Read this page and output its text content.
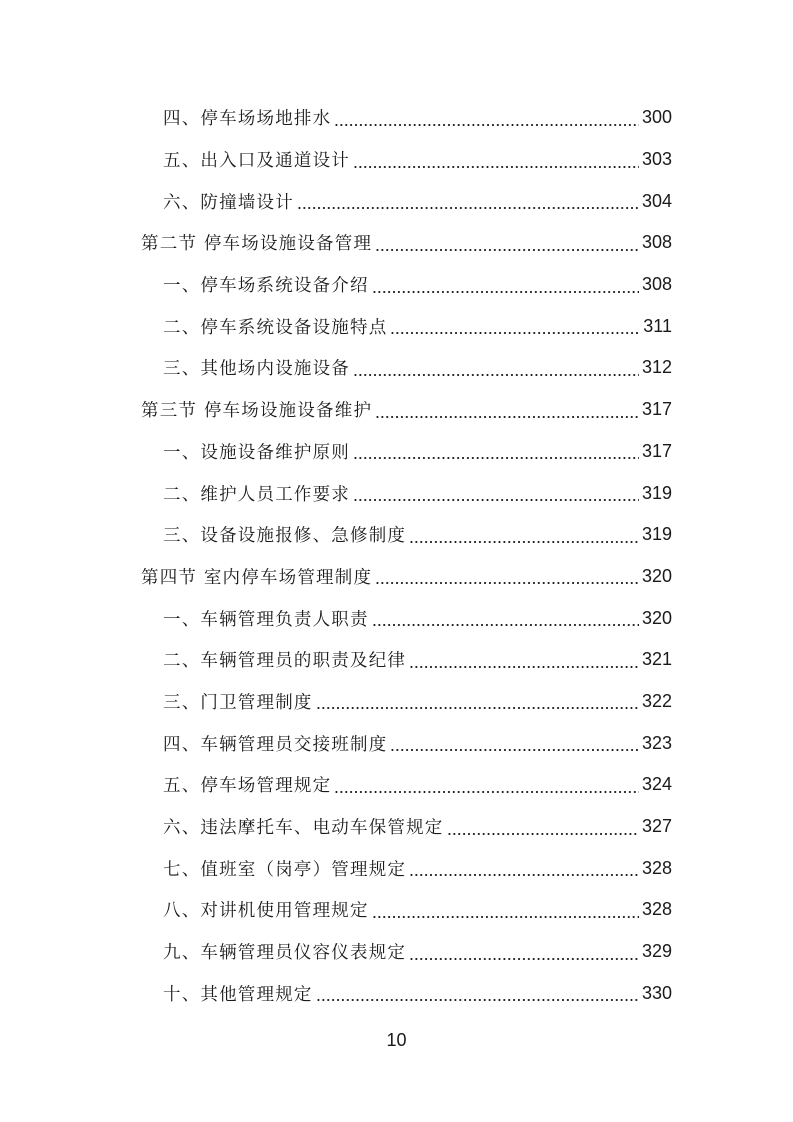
四、停车场场地排水	300
五、出入口及通道设计	303
六、防撞墙设计	304
第二节 停车场设施设备管理	308
一、停车场系统设备介绍	308
二、停车系统设备设施特点	311
三、其他场内设施设备	312
第三节 停车场设施设备维护	317
一、设施设备维护原则	317
二、维护人员工作要求	319
三、设备设施报修、急修制度	319
第四节 室内停车场管理制度	320
一、车辆管理负责人职责	320
二、车辆管理员的职责及纪律	321
三、门卫管理制度	322
四、车辆管理员交接班制度	323
五、停车场管理规定	324
六、违法摩托车、电动车保管规定	327
七、值班室（岗亭）管理规定	328
八、对讲机使用管理规定	328
九、车辆管理员仪容仪表规定	329
十、其他管理规定	330
10
